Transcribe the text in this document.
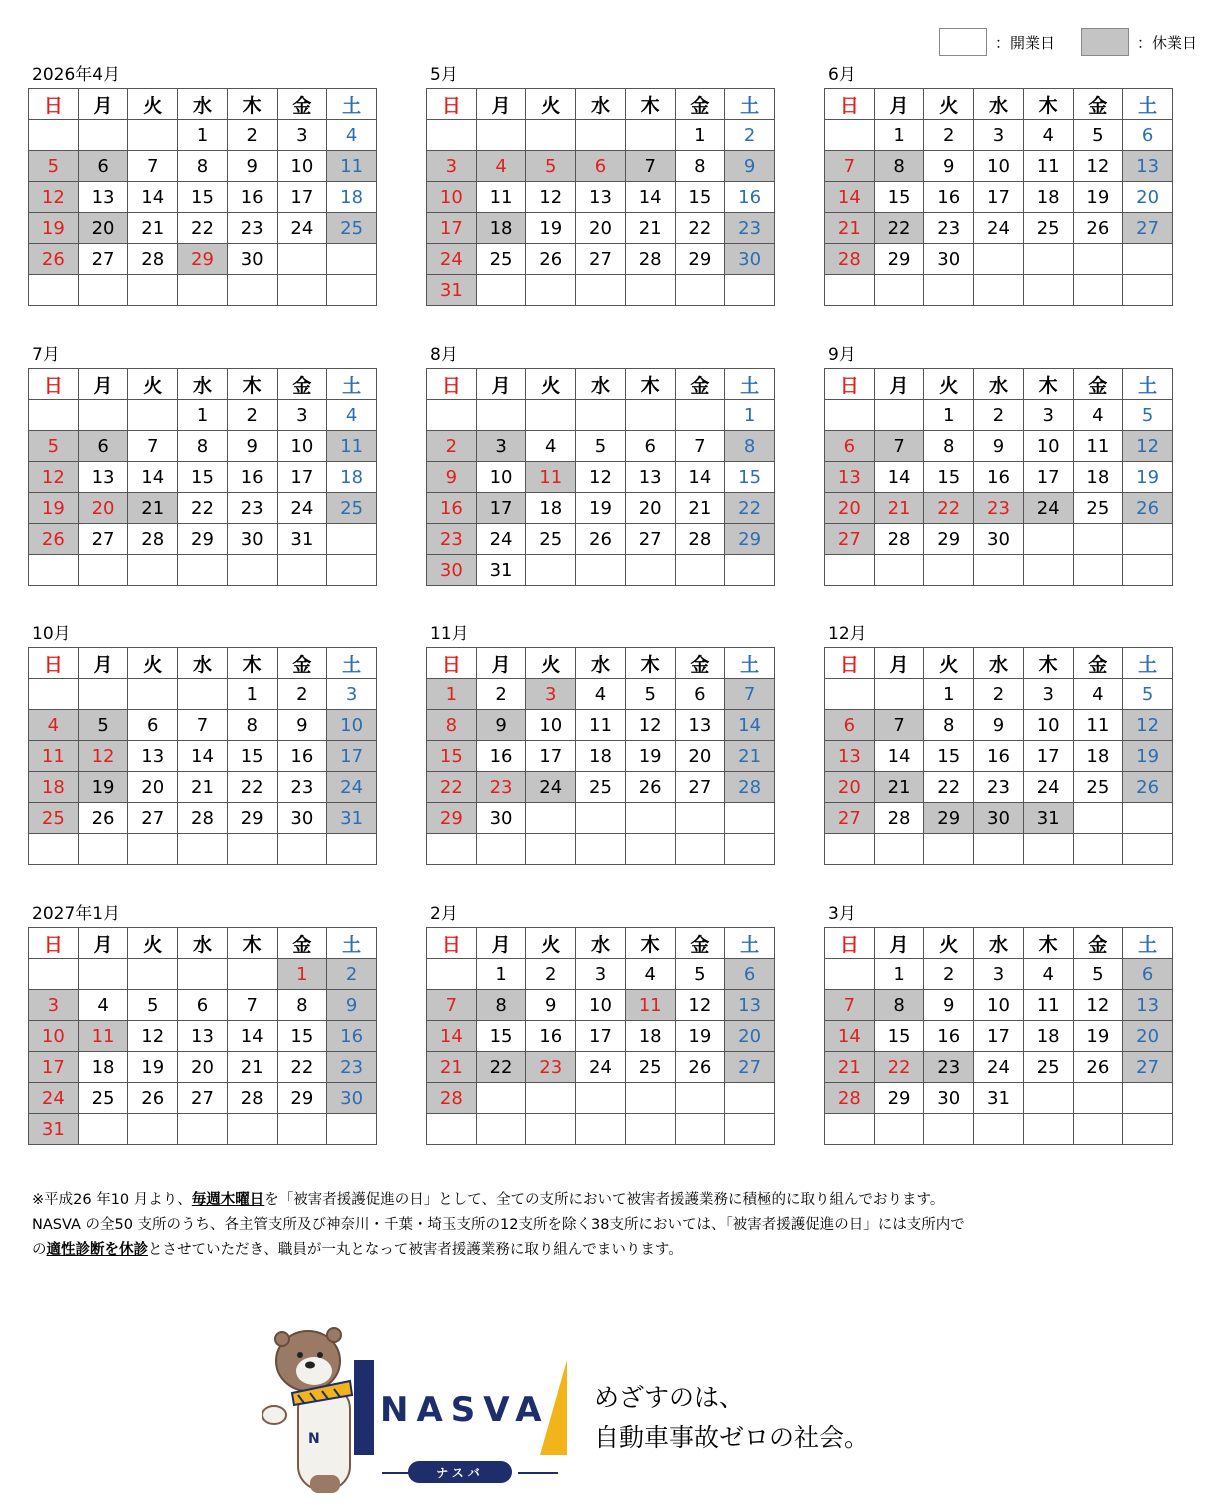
：開業日	：休業日
2026年4月
日	月	火	水	木	金	土
			1	2	3	4
5	6	7	8	9	10	11
12	13	14	15	16	17	18
19	20	21	22	23	24	25
26	27	28	29	30		

5月
日	月	火	水	木	金	土
					1	2
3	4	5	6	7	8	9
10	11	12	13	14	15	16
17	18	19	20	21	22	23
24	25	26	27	28	29	30
31						
6月
日	月	火	水	木	金	土
	1	2	3	4	5	6
7	8	9	10	11	12	13
14	15	16	17	18	19	20
21	22	23	24	25	26	27
28	29	30				

7月
日	月	火	水	木	金	土
			1	2	3	4
5	6	7	8	9	10	11
12	13	14	15	16	17	18
19	20	21	22	23	24	25
26	27	28	29	30	31	

8月
日	月	火	水	木	金	土
						1
2	3	4	5	6	7	8
9	10	11	12	13	14	15
16	17	18	19	20	21	22
23	24	25	26	27	28	29
30	31					
9月
日	月	火	水	木	金	土
		1	2	3	4	5
6	7	8	9	10	11	12
13	14	15	16	17	18	19
20	21	22	23	24	25	26
27	28	29	30			

10月
日	月	火	水	木	金	土
				1	2	3
4	5	6	7	8	9	10
11	12	13	14	15	16	17
18	19	20	21	22	23	24
25	26	27	28	29	30	31

11月
日	月	火	水	木	金	土
1	2	3	4	5	6	7
8	9	10	11	12	13	14
15	16	17	18	19	20	21
22	23	24	25	26	27	28
29	30					

12月
日	月	火	水	木	金	土
		1	2	3	4	5
6	7	8	9	10	11	12
13	14	15	16	17	18	19
20	21	22	23	24	25	26
27	28	29	30	31		

2027年1月
日	月	火	水	木	金	土
					1	2
3	4	5	6	7	8	9
10	11	12	13	14	15	16
17	18	19	20	21	22	23
24	25	26	27	28	29	30
31						
2月
日	月	火	水	木	金	土
	1	2	3	4	5	6
7	8	9	10	11	12	13
14	15	16	17	18	19	20
21	22	23	24	25	26	27
28						

3月
日	月	火	水	木	金	土
	1	2	3	4	5	6
7	8	9	10	11	12	13
14	15	16	17	18	19	20
21	22	23	24	25	26	27
28	29	30	31			

※平成26 年10 月より、毎週木曜日を「被害者援護促進の日」として、全ての支所において被害者援護業務に積極的に取り組んでおります。
NASVA の全50 支所のうち、各主管支所及び神奈川・千葉・埼玉支所の12支所を除く38支所においては、「被害者援護促進の日」には支所内で
の適性診断を休診とさせていただき、職員が一丸となって被害者援護業務に取り組んでまいります。
N
NASVA
ナスバ
めざすのは、
自動車事故ゼロの社会。
